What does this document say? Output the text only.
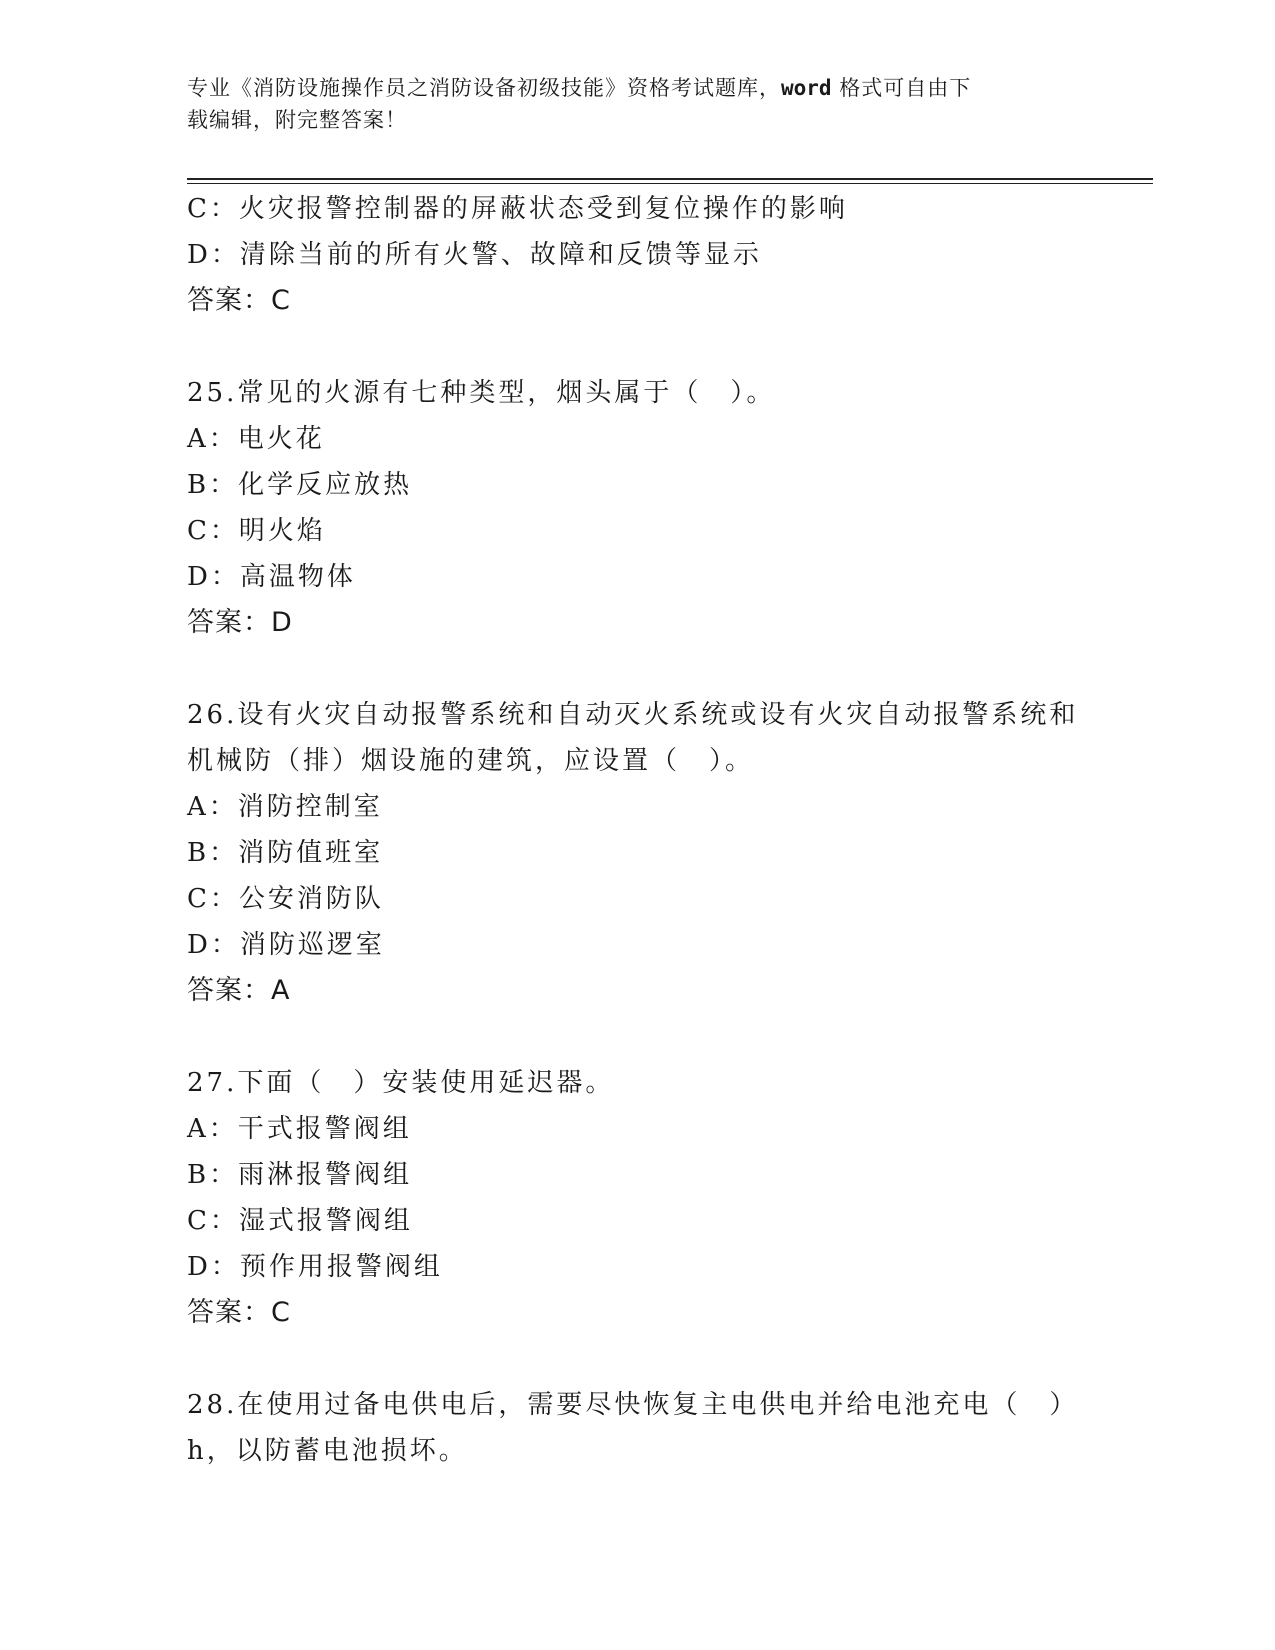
专业《消防设施操作员之消防设备初级技能》资格考试题库，word 格式可自由下
载编辑，附完整答案！
C：火灾报警控制器的屏蔽状态受到复位操作的影响
D：清除当前的所有火警、故障和反馈等显示
答案：C
25.常见的火源有七种类型，烟头属于（　）。
A：电火花
B：化学反应放热
C：明火焰
D：高温物体
答案：D
26.设有火灾自动报警系统和自动灭火系统或设有火灾自动报警系统和
机械防（排）烟设施的建筑，应设置（　）。
A：消防控制室
B：消防值班室
C：公安消防队
D：消防巡逻室
答案：A
27.下面（　）安装使用延迟器。
A：干式报警阀组
B：雨淋报警阀组
C：湿式报警阀组
D：预作用报警阀组
答案：C
28.在使用过备电供电后，需要尽快恢复主电供电并给电池充电（　）
h，以防蓄电池损坏。
